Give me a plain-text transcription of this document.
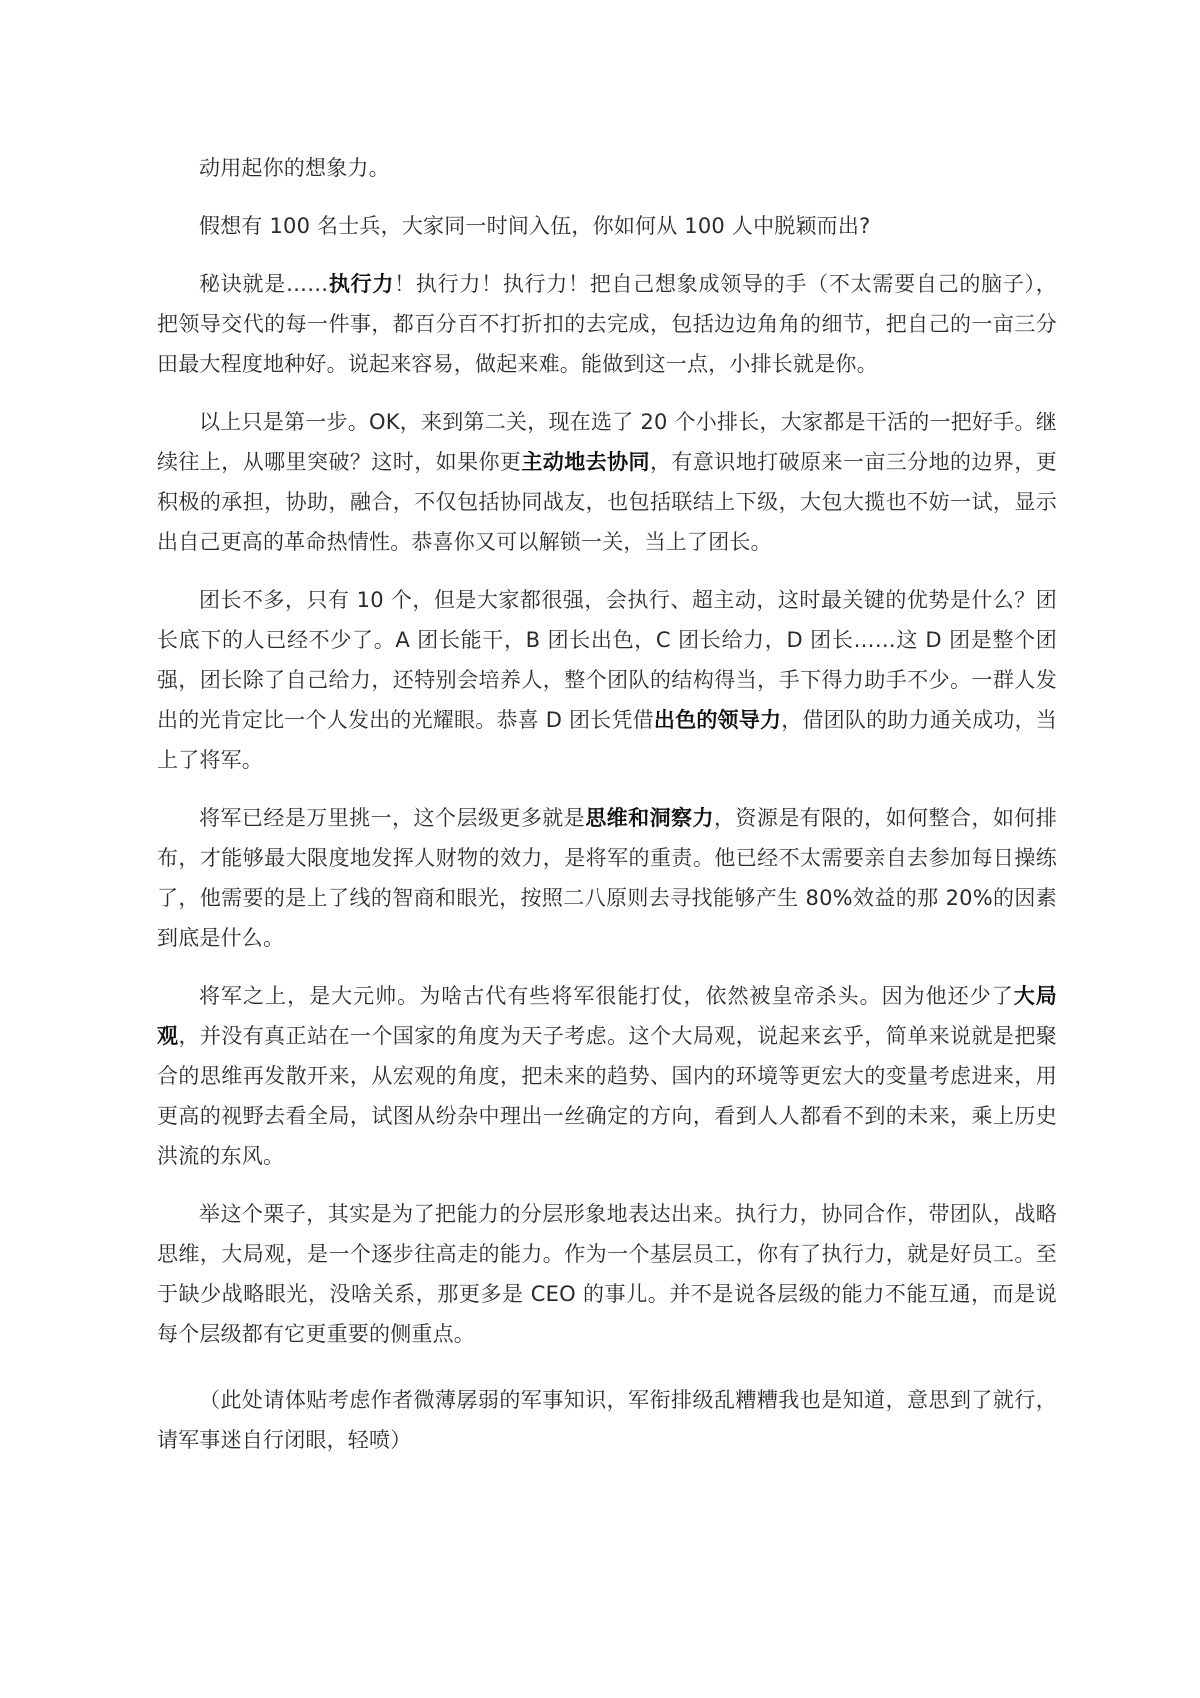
动用起你的想象力。

假想有 100 名士兵，大家同一时间入伍，你如何从 100 人中脱颖而出?

秘诀就是……执行力！执行力！执行力！把自己想象成领导的手（不太需要自己的脑子），把领导交代的每一件事，都百分百不打折扣的去完成，包括边边角角的细节，把自己的一亩三分田最大程度地种好。说起来容易，做起来难。能做到这一点，小排长就是你。

以上只是第一步。OK，来到第二关，现在选了 20 个小排长，大家都是干活的一把好手。继续往上，从哪里突破？这时，如果你更主动地去协同，有意识地打破原来一亩三分地的边界，更积极的承担，协助，融合，不仅包括协同战友，也包括联结上下级，大包大揽也不妨一试，显示出自己更高的革命热情性。恭喜你又可以解锁一关，当上了团长。

团长不多，只有 10 个，但是大家都很强，会执行、超主动，这时最关键的优势是什么？团长底下的人已经不少了。A 团长能干，B 团长出色，C 团长给力，D 团长……这 D 团是整个团强，团长除了自己给力，还特别会培养人，整个团队的结构得当，手下得力助手不少。一群人发出的光肯定比一个人发出的光耀眼。恭喜 D 团长凭借出色的领导力，借团队的助力通关成功，当上了将军。

将军已经是万里挑一，这个层级更多就是思维和洞察力，资源是有限的，如何整合，如何排布，才能够最大限度地发挥人财物的效力，是将军的重责。他已经不太需要亲自去参加每日操练了，他需要的是上了线的智商和眼光，按照二八原则去寻找能够产生 80%效益的那 20%的因素到底是什么。

将军之上，是大元帅。为啥古代有些将军很能打仗，依然被皇帝杀头。因为他还少了大局观，并没有真正站在一个国家的角度为天子考虑。这个大局观，说起来玄乎，简单来说就是把聚合的思维再发散开来，从宏观的角度，把未来的趋势、国内的环境等更宏大的变量考虑进来，用更高的视野去看全局，试图从纷杂中理出一丝确定的方向，看到人人都看不到的未来，乘上历史洪流的东风。

举这个栗子，其实是为了把能力的分层形象地表达出来。执行力，协同合作，带团队，战略思维，大局观，是一个逐步往高走的能力。作为一个基层员工，你有了执行力，就是好员工。至于缺少战略眼光，没啥关系，那更多是 CEO 的事儿。并不是说各层级的能力不能互通，而是说每个层级都有它更重要的侧重点。

（此处请体贴考虑作者微薄孱弱的军事知识，军衔排级乱糟糟我也是知道，意思到了就行，请军事迷自行闭眼，轻喷）
